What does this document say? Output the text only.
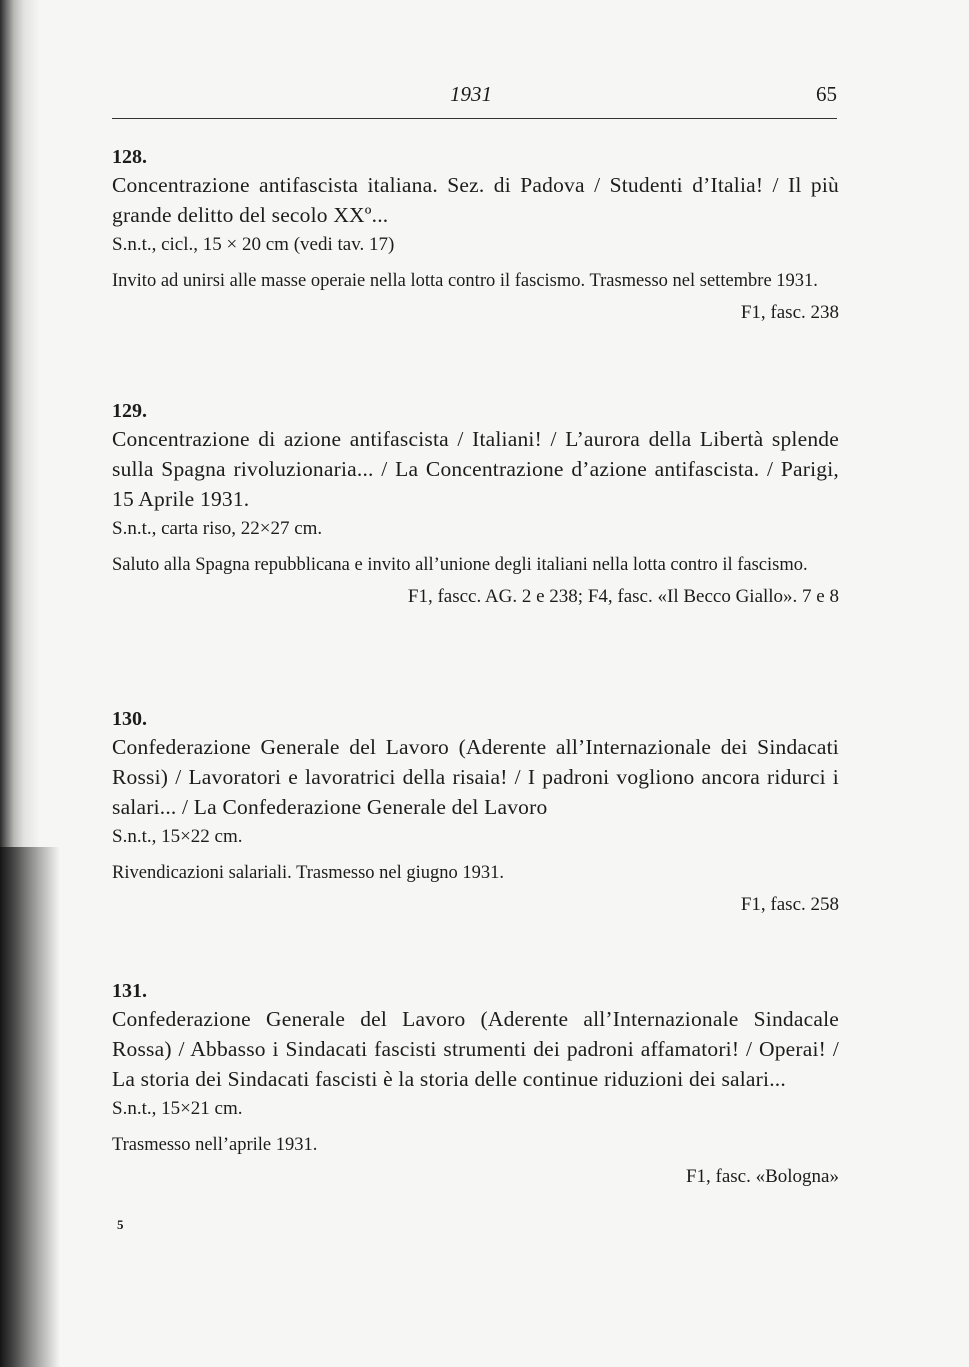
1931	65
128.
Concentrazione antifascista italiana. Sez. di Padova / Studenti d’Italia! / Il più grande delitto del secolo XXº...
S.n.t., cicl., 15 × 20 cm (vedi tav. 17)
Invito ad unirsi alle masse operaie nella lotta contro il fascismo. Trasmesso nel settembre 1931.
F1, fasc. 238
129.
Concentrazione di azione antifascista / Italiani! / L’aurora della Libertà splende sulla Spagna rivoluzionaria... / La Concentrazione d’azione antifascista. / Parigi, 15 Aprile 1931.
S.n.t., carta riso, 22×27 cm.
Saluto alla Spagna repubblicana e invito all’unione degli italiani nella lotta contro il fascismo.
F1, fascc. AG. 2 e 238; F4, fasc. «Il Becco Giallo». 7 e 8
130.
Confederazione Generale del Lavoro (Aderente all’Internazionale dei Sindacati Rossi) / Lavoratori e lavoratrici della risaia! / I padroni vogliono ancora ridurci i salari... / La Confederazione Generale del Lavoro
S.n.t., 15×22 cm.
Rivendicazioni salariali. Trasmesso nel giugno 1931.
F1, fasc. 258
131.
Confederazione Generale del Lavoro (Aderente all’Internazionale Sindacale Rossa) / Abbasso i Sindacati fascisti strumenti dei padroni affamatori! / Operai! / La storia dei Sindacati fascisti è la storia delle continue riduzioni dei salari...
S.n.t., 15×21 cm.
Trasmesso nell’aprile 1931.
F1, fasc. «Bologna»
5
